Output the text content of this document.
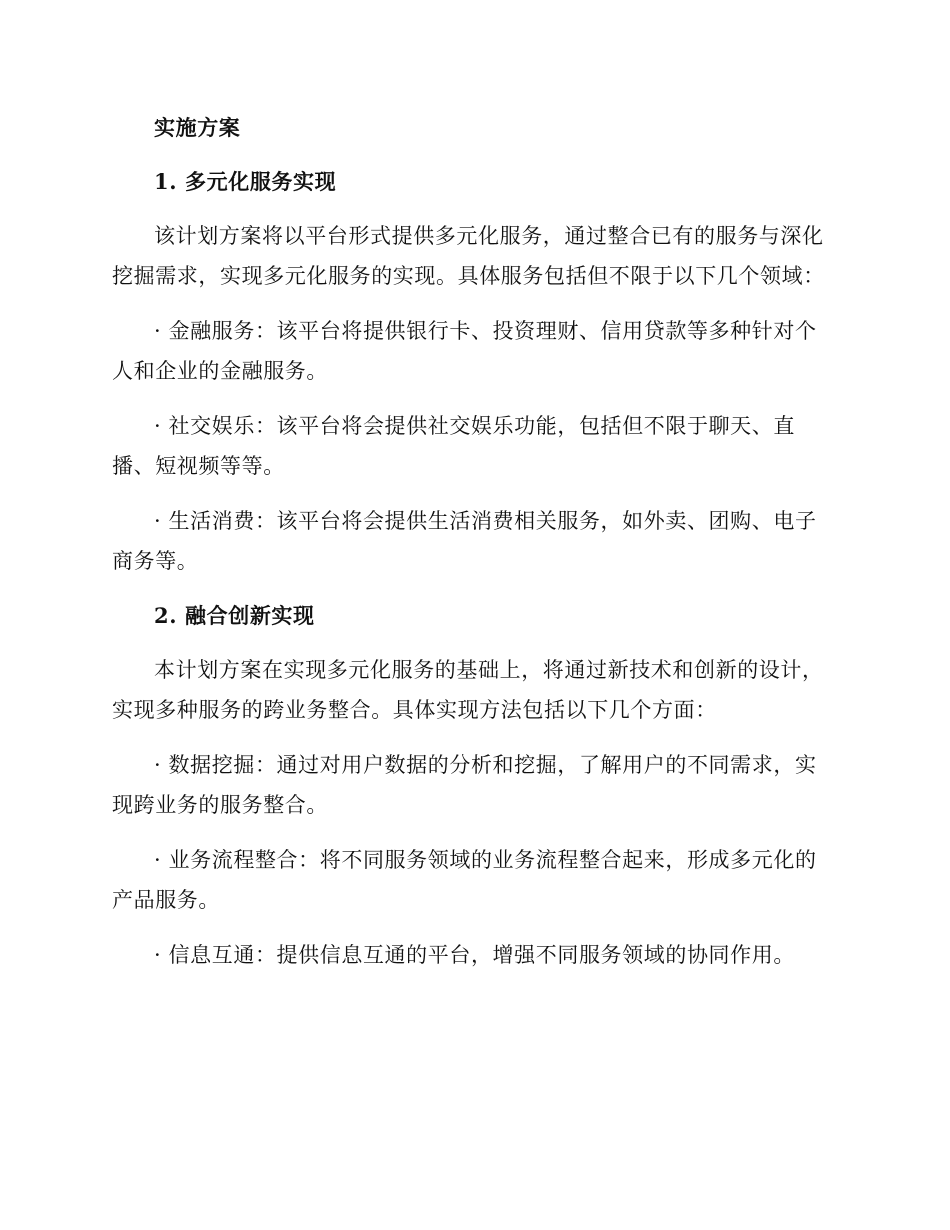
实施方案

1. 多元化服务实现

该计划方案将以平台形式提供多元化服务，通过整合已有的服务与深化挖掘需求，实现多元化服务的实现。具体服务包括但不限于以下几个领域：

· 金融服务：该平台将提供银行卡、投资理财、信用贷款等多种针对个人和企业的金融服务。

· 社交娱乐：该平台将会提供社交娱乐功能，包括但不限于聊天、直播、短视频等等。

· 生活消费：该平台将会提供生活消费相关服务，如外卖、团购、电子商务等。

2. 融合创新实现

本计划方案在实现多元化服务的基础上，将通过新技术和创新的设计，实现多种服务的跨业务整合。具体实现方法包括以下几个方面：

· 数据挖掘：通过对用户数据的分析和挖掘，了解用户的不同需求，实现跨业务的服务整合。

· 业务流程整合：将不同服务领域的业务流程整合起来，形成多元化的产品服务。

· 信息互通：提供信息互通的平台，增强不同服务领域的协同作用。
